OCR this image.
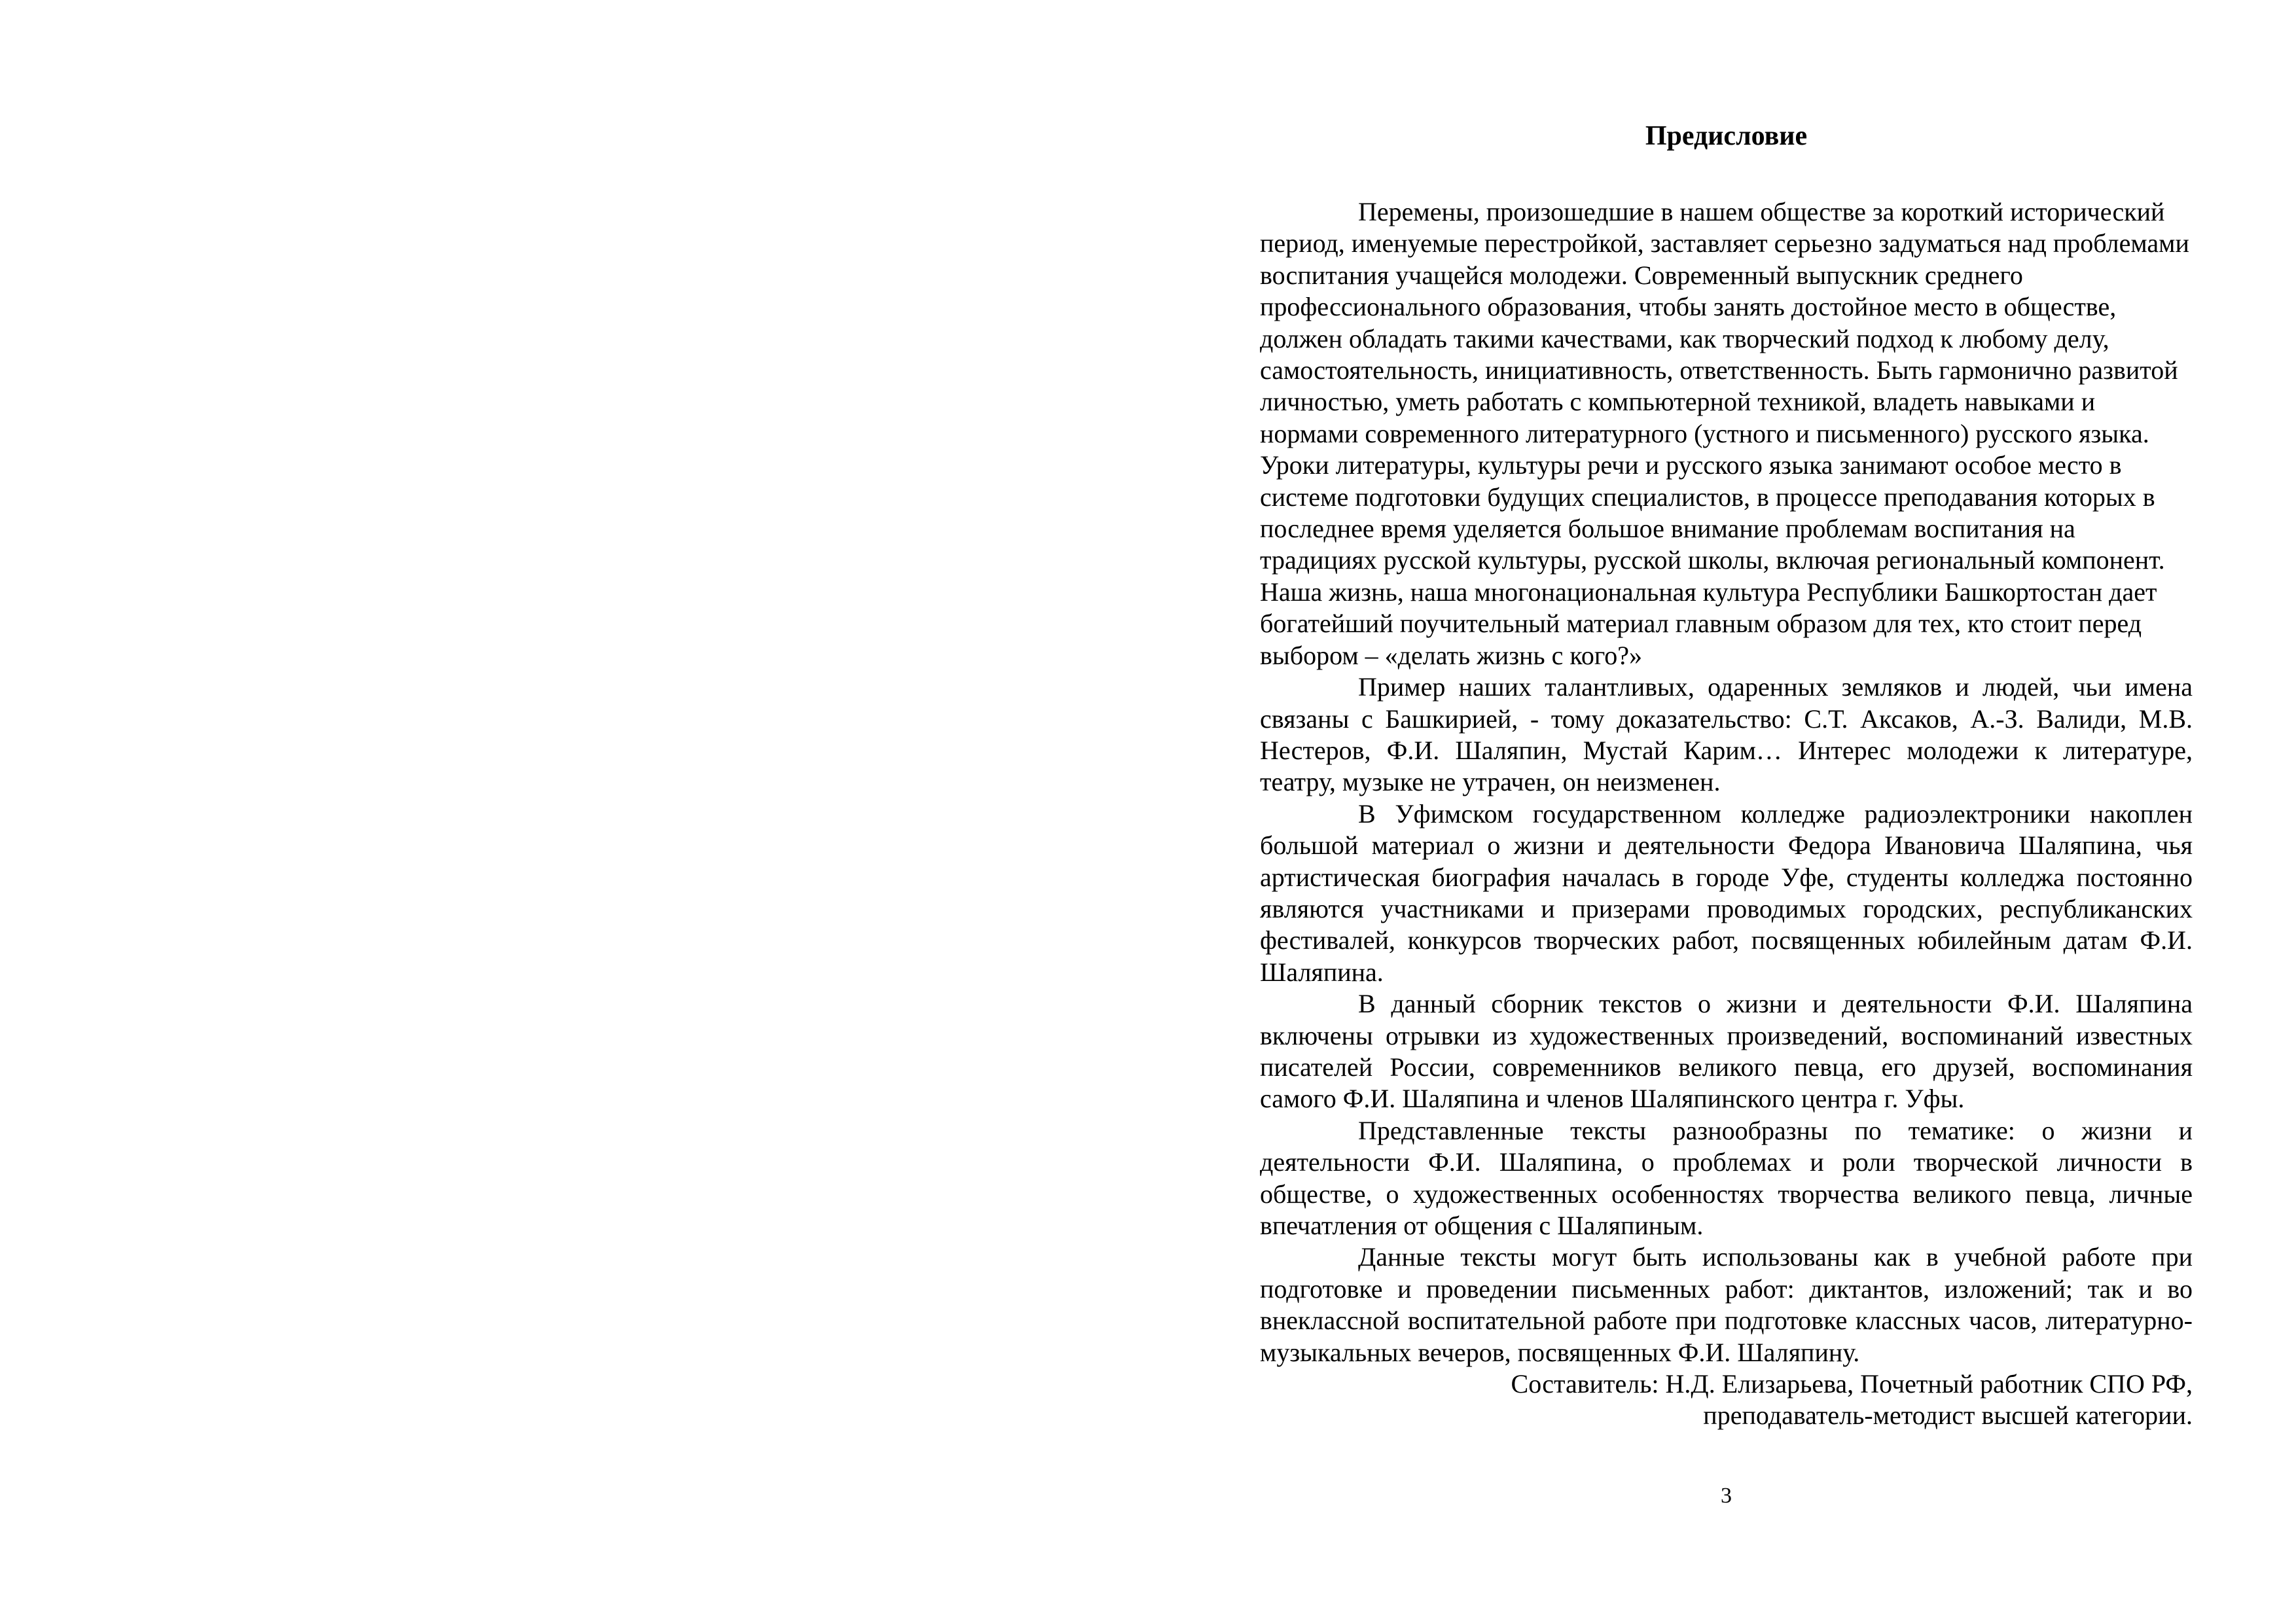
Предисловие

Перемены, произошедшие в нашем обществе за короткий исторический период, именуемые перестройкой, заставляет серьезно задуматься над проблемами воспитания учащейся молодежи. Современный выпускник среднего профессионального образования, чтобы занять достойное место в обществе, должен обладать такими качествами, как творческий подход к любому делу, самостоятельность, инициативность, ответственность. Быть гармонично развитой личностью, уметь работать с компьютерной техникой, владеть навыками и нормами современного литературного (устного и письменного) русского языка. Уроки литературы, культуры речи и русского языка занимают особое место в системе подготовки будущих специалистов, в процессе преподавания которых в последнее время уделяется большое внимание проблемам воспитания на традициях русской культуры, русской школы, включая региональный компонент. Наша жизнь, наша многонациональная культура Республики Башкортостан дает богатейший поучительный материал главным образом для тех, кто стоит перед выбором – «делать жизнь с кого?»

Пример наших талантливых, одаренных земляков и людей, чьи имена связаны с Башкирией, - тому доказательство: С.Т. Аксаков, А.-З. Валиди, М.В. Нестеров, Ф.И. Шаляпин, Мустай Карим… Интерес молодежи к литературе, театру, музыке не утрачен, он неизменен.

В Уфимском государственном колледже радиоэлектроники накоплен большой материал о жизни и деятельности Федора Ивановича Шаляпина, чья артистическая биография началась в городе Уфе, студенты колледжа постоянно являются участниками и призерами проводимых городских, республиканских фестивалей, конкурсов творческих работ, посвященных юбилейным датам Ф.И. Шаляпина.

В данный сборник текстов о жизни и деятельности Ф.И. Шаляпина включены отрывки из художественных произведений, воспоминаний известных писателей России, современников великого певца, его друзей, воспоминания самого Ф.И. Шаляпина и членов Шаляпинского центра г. Уфы.

Представленные тексты разнообразны по тематике: о жизни и деятельности Ф.И. Шаляпина, о проблемах и роли творческой личности в обществе, о художественных особенностях творчества великого певца, личные впечатления от общения с Шаляпиным.

Данные тексты могут быть использованы как в учебной работе при подготовке и проведении письменных работ: диктантов, изложений; так и во внеклассной воспитательной работе при подготовке классных часов, литературно-музыкальных вечеров, посвященных Ф.И. Шаляпину.

Составитель: Н.Д. Елизарьева, Почетный работник СПО РФ,

преподаватель-методист высшей категории.

3
